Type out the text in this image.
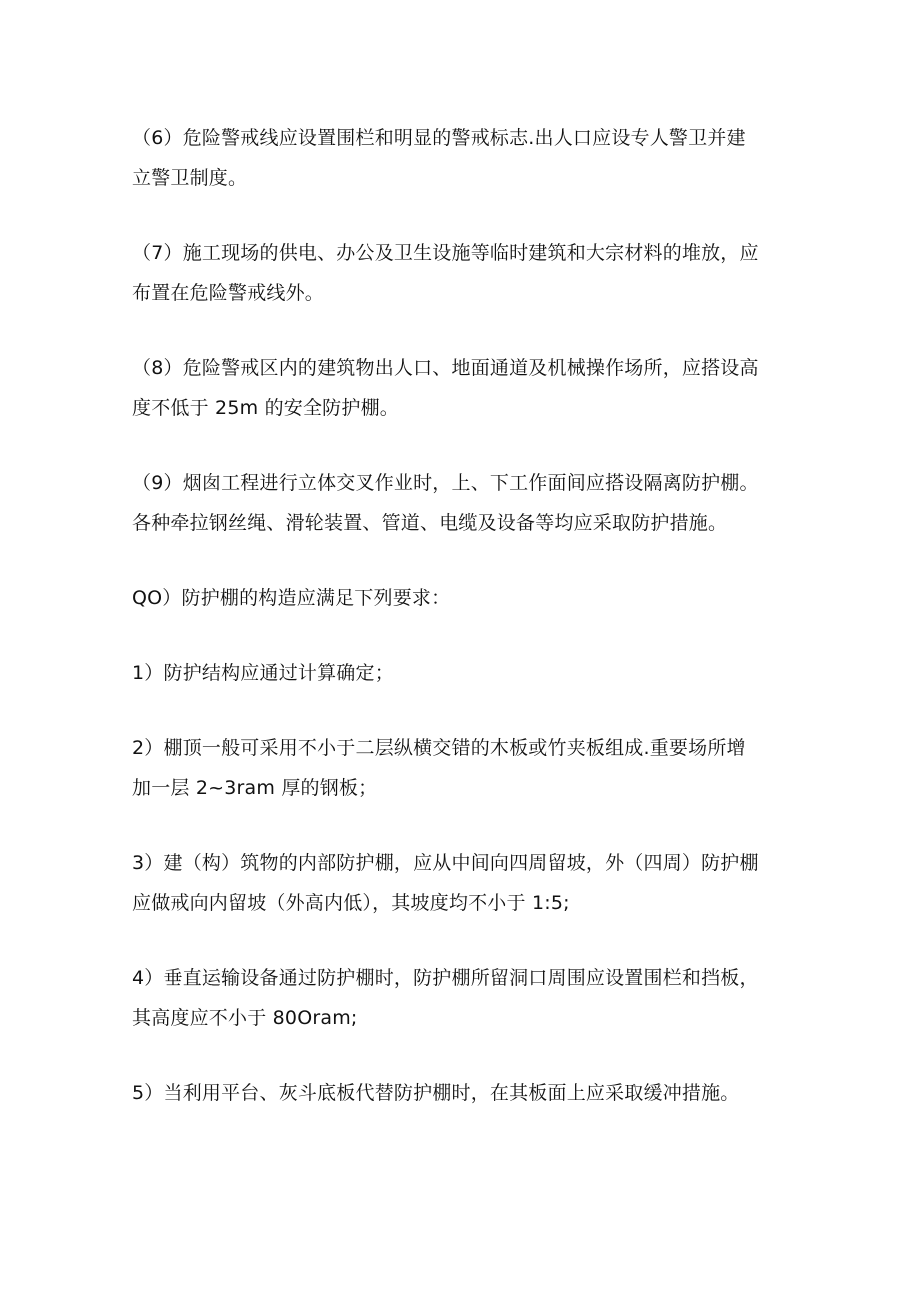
（6）危险警戒线应设置围栏和明显的警戒标志.出人口应设专人警卫并建
立警卫制度。

（7）施工现场的供电、办公及卫生设施等临时建筑和大宗材料的堆放，应
布置在危险警戒线外。

（8）危险警戒区内的建筑物出人口、地面通道及机械操作场所，应搭设高
度不低于 25m 的安全防护棚。

（9）烟囱工程进行立体交叉作业时，上、下工作面间应搭设隔离防护棚。
各种牵拉钢丝绳、滑轮装置、管道、电缆及设备等均应采取防护措施。

QO）防护棚的构造应满足下列要求：

1）防护结构应通过计算确定；

2）棚顶一般可采用不小于二层纵横交错的木板或竹夹板组成.重要场所增
加一层 2~3ram 厚的钢板；

3）建（构）筑物的内部防护棚，应从中间向四周留坡，外（四周）防护棚
应做戒向内留坡（外高内低），其坡度均不小于 1:5;

4）垂直运输设备通过防护棚时，防护棚所留洞口周围应设置围栏和挡板，
其高度应不小于 80Oram;

5）当利用平台、灰斗底板代替防护棚时，在其板面上应采取缓冲措施。
